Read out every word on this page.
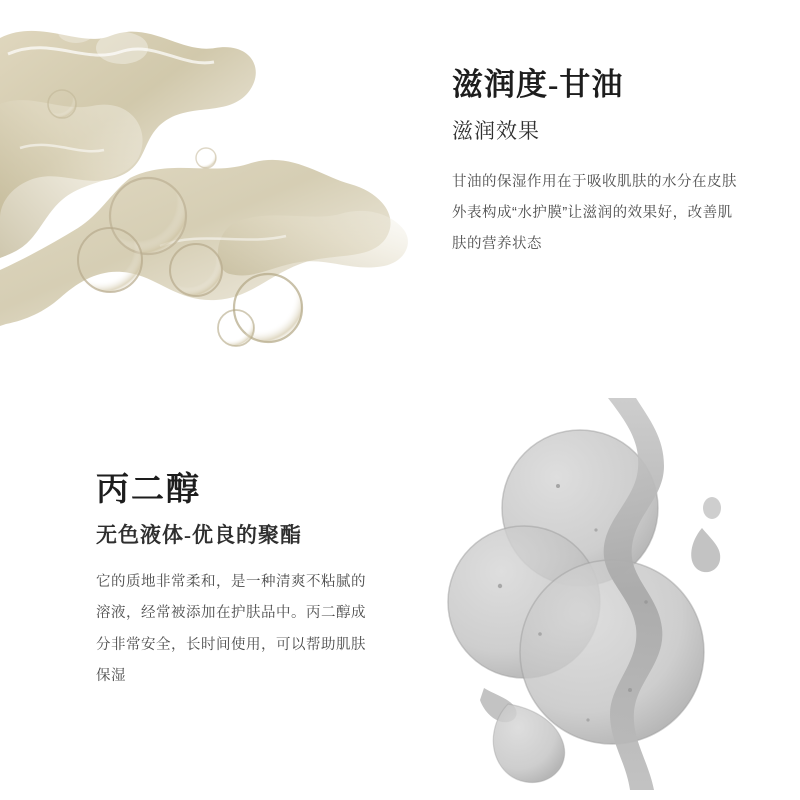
滋润度-甘油
滋润效果

甘油的保湿作用在于吸收肌肤的水分在皮肤外表构成“水护膜”让滋润的效果好，改善肌肤的营养状态

丙二醇
无色液体-优良的聚酯

它的质地非常柔和，是一种清爽不粘腻的溶液，经常被添加在护肤品中。丙二醇成分非常安全，长时间使用，可以帮助肌肤保湿
